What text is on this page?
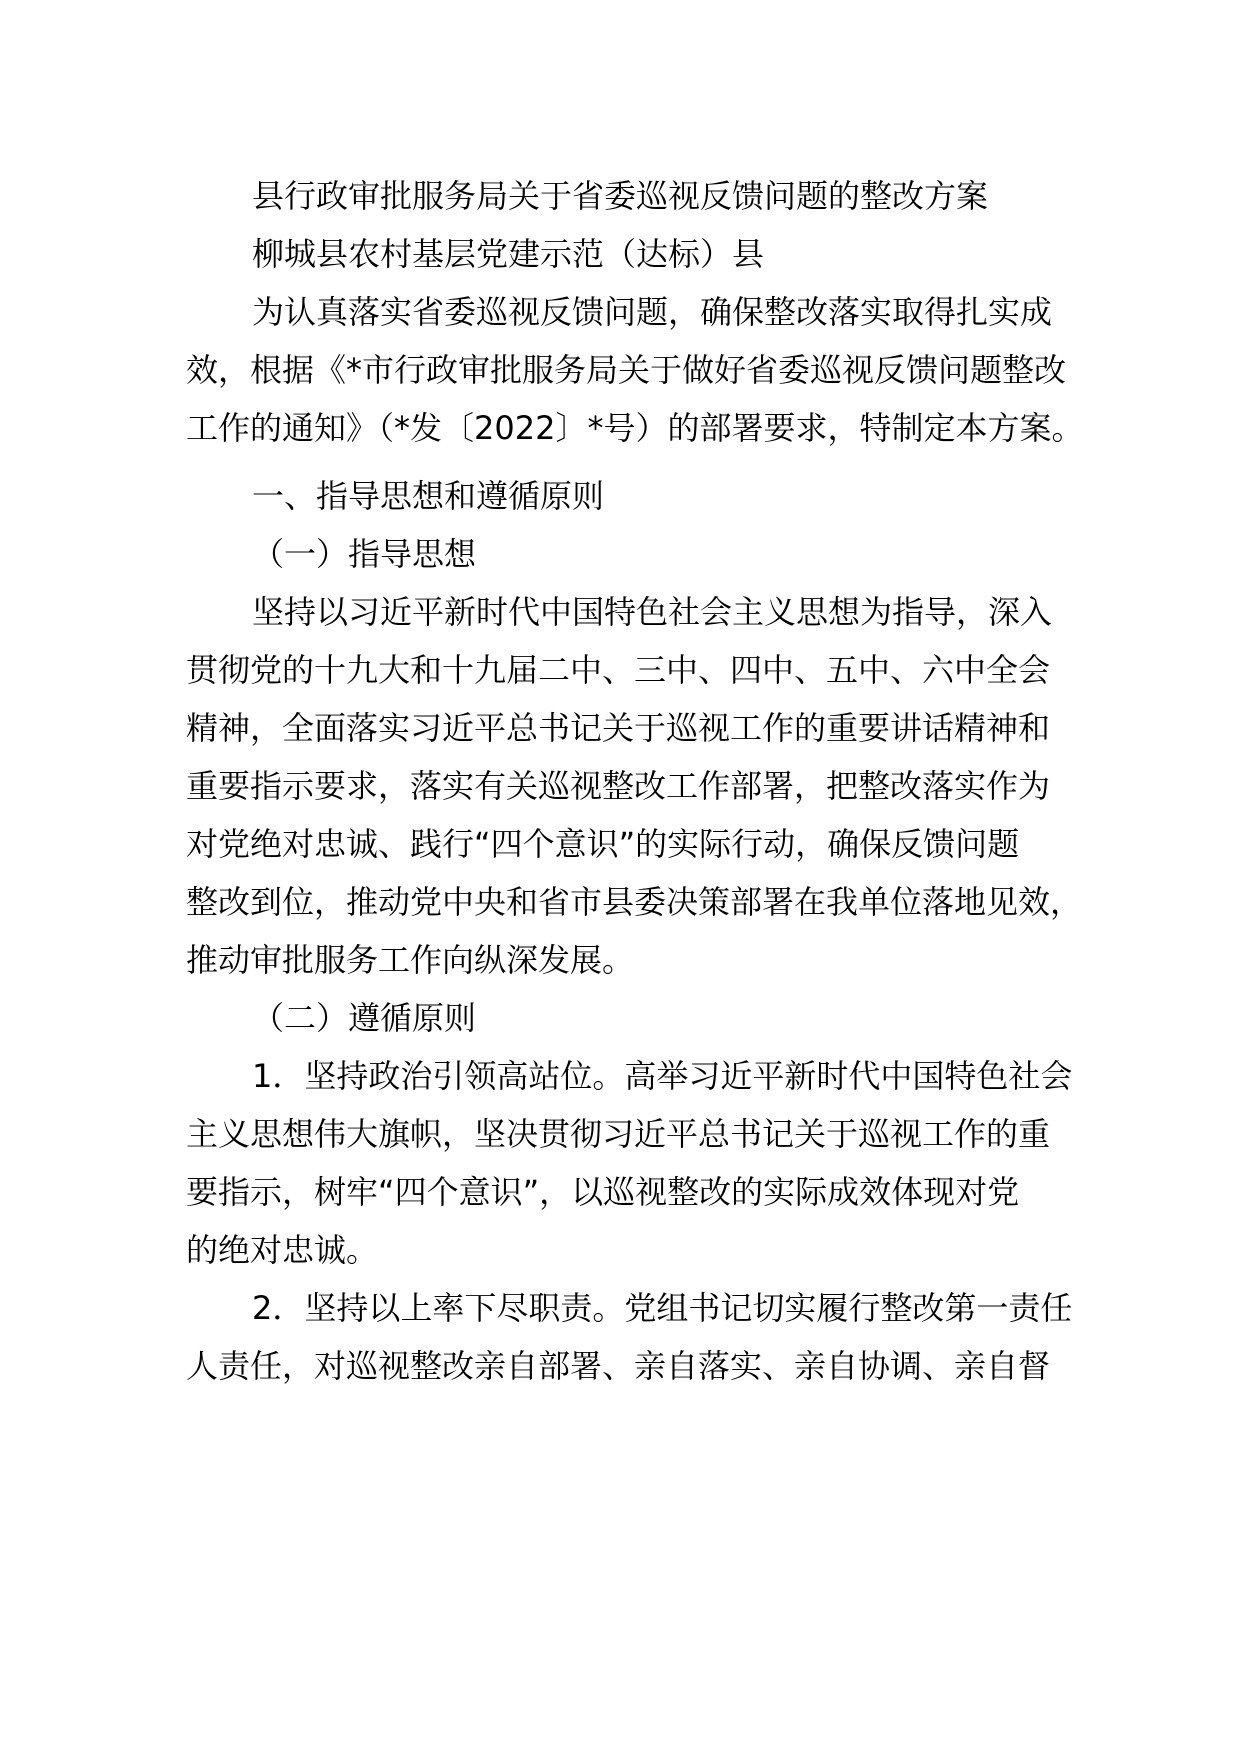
县行政审批服务局关于省委巡视反馈问题的整改方案

柳城县农村基层党建示范（达标）县

为认真落实省委巡视反馈问题，确保整改落实取得扎实成

效，根据《*市行政审批服务局关于做好省委巡视反馈问题整改

工作的通知》（*发〔2022〕*号）的部署要求，特制定本方案。

一、指导思想和遵循原则

（一）指导思想

坚持以习近平新时代中国特色社会主义思想为指导，深入

贯彻党的十九大和十九届二中、三中、四中、五中、六中全会

精神，全面落实习近平总书记关于巡视工作的重要讲话精神和

重要指示要求，落实有关巡视整改工作部署，把整改落实作为

对党绝对忠诚、践行“四个意识”的实际行动，确保反馈问题

整改到位，推动党中央和省市县委决策部署在我单位落地见效，

推动审批服务工作向纵深发展。

（二）遵循原则

1．坚持政治引领高站位。高举习近平新时代中国特色社会

主义思想伟大旗帜，坚决贯彻习近平总书记关于巡视工作的重

要指示，树牢“四个意识”，以巡视整改的实际成效体现对党

的绝对忠诚。

2．坚持以上率下尽职责。党组书记切实履行整改第一责任

人责任，对巡视整改亲自部署、亲自落实、亲自协调、亲自督
